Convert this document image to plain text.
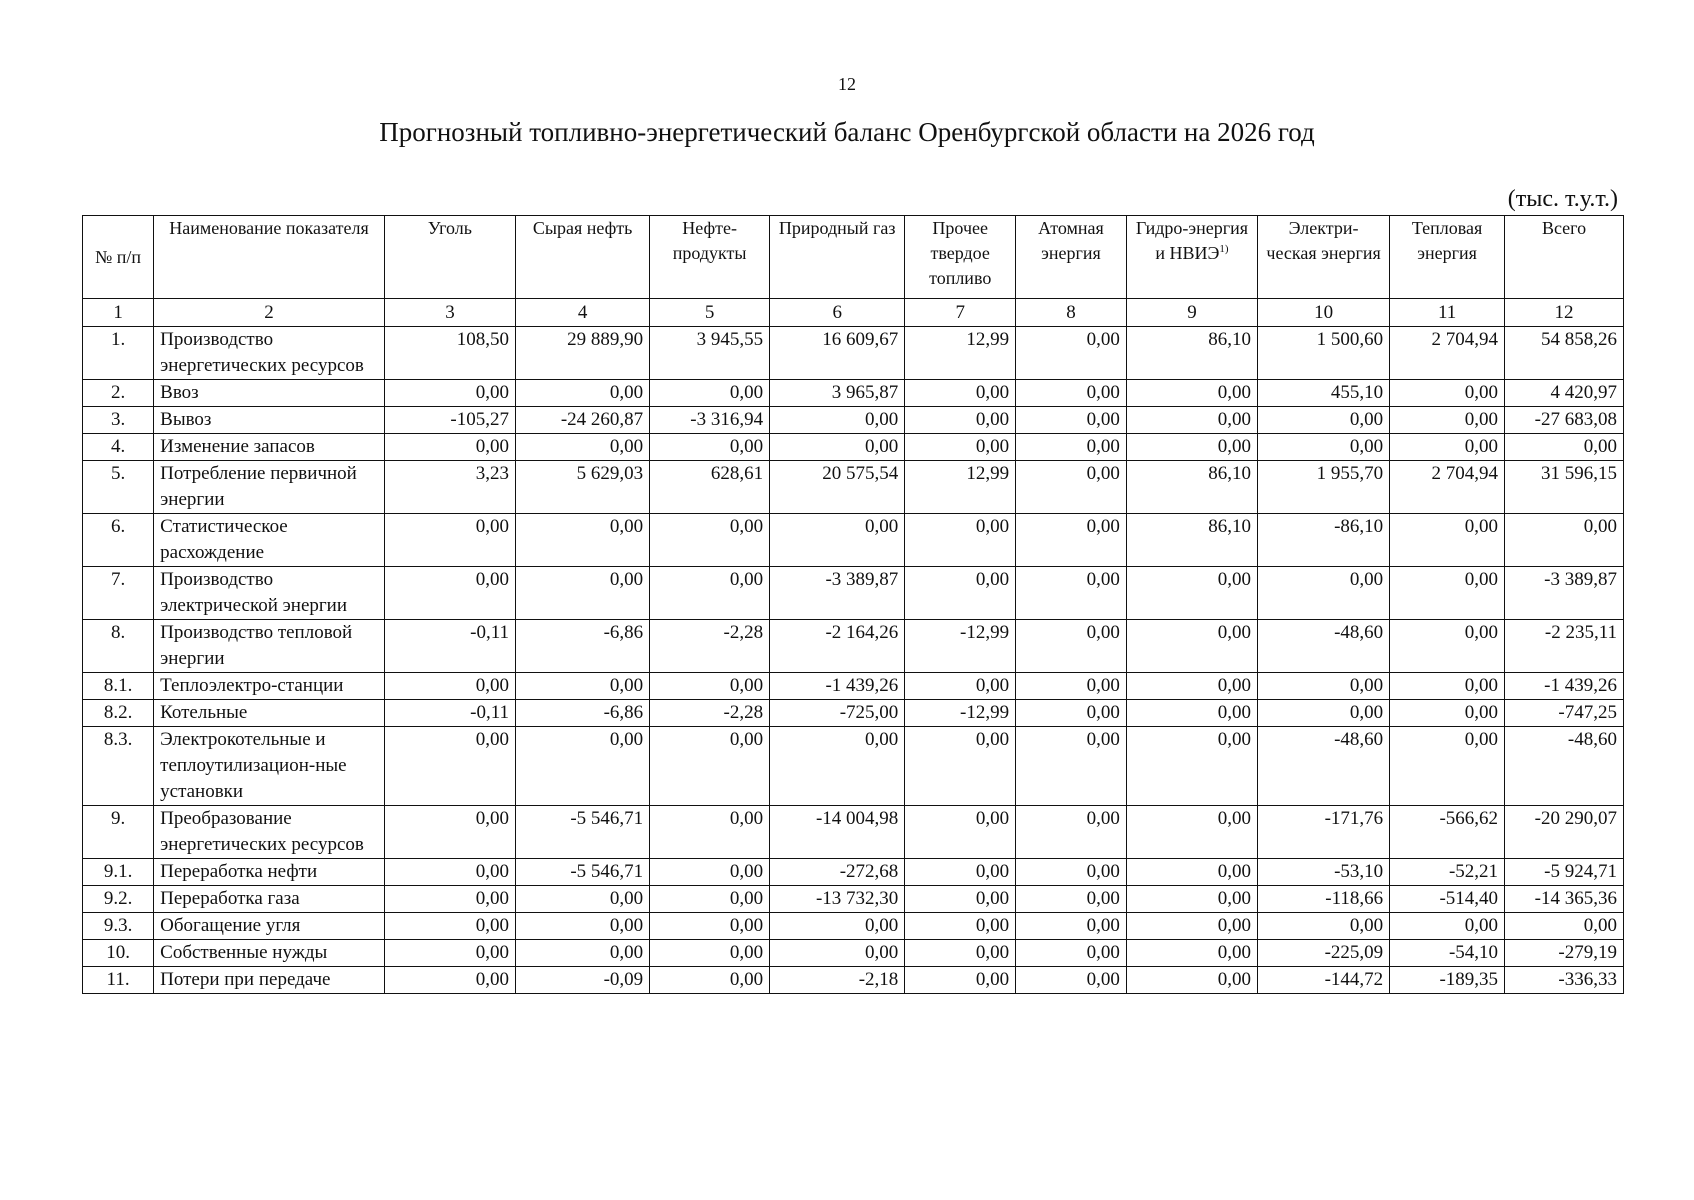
12
Прогнозный топливно-энергетический баланс Оренбургской области на 2026 год
(тыс. т.у.т.)
№ п/п	Наименование показателя	Уголь	Сырая нефть	Нефте-продукты	Природный газ	Прочее твердое топливо	Атомная энергия	Гидро-энергия и НВИЭ$^{1)}$	Электри-ческая энергия	Тепловая энергия	Всего
1	2	3	4	5	6	7	8	9	10	11	12
1.	Производство энергетических ресурсов	108,50	29 889,90	3 945,55	16 609,67	12,99	0,00	86,10	1 500,60	2 704,94	54 858,26
2.	Ввоз	0,00	0,00	0,00	3 965,87	0,00	0,00	0,00	455,10	0,00	4 420,97
3.	Вывоз	-105,27	-24 260,87	-3 316,94	0,00	0,00	0,00	0,00	0,00	0,00	-27 683,08
4.	Изменение запасов	0,00	0,00	0,00	0,00	0,00	0,00	0,00	0,00	0,00	0,00
5.	Потребление первичной энергии	3,23	5 629,03	628,61	20 575,54	12,99	0,00	86,10	1 955,70	2 704,94	31 596,15
6.	Статистическое расхождение	0,00	0,00	0,00	0,00	0,00	0,00	86,10	-86,10	0,00	0,00
7.	Производство электрической энергии	0,00	0,00	0,00	-3 389,87	0,00	0,00	0,00	0,00	0,00	-3 389,87
8.	Производство тепловой энергии	-0,11	-6,86	-2,28	-2 164,26	-12,99	0,00	0,00	-48,60	0,00	-2 235,11
8.1.	Теплоэлектро-станции	0,00	0,00	0,00	-1 439,26	0,00	0,00	0,00	0,00	0,00	-1 439,26
8.2.	Котельные	-0,11	-6,86	-2,28	-725,00	-12,99	0,00	0,00	0,00	0,00	-747,25
8.3.	Электрокотельные и теплоутилизацион-ные установки	0,00	0,00	0,00	0,00	0,00	0,00	0,00	-48,60	0,00	-48,60
9.	Преобразование энергетических ресурсов	0,00	-5 546,71	0,00	-14 004,98	0,00	0,00	0,00	-171,76	-566,62	-20 290,07
9.1.	Переработка нефти	0,00	-5 546,71	0,00	-272,68	0,00	0,00	0,00	-53,10	-52,21	-5 924,71
9.2.	Переработка газа	0,00	0,00	0,00	-13 732,30	0,00	0,00	0,00	-118,66	-514,40	-14 365,36
9.3.	Обогащение угля	0,00	0,00	0,00	0,00	0,00	0,00	0,00	0,00	0,00	0,00
10.	Собственные нужды	0,00	0,00	0,00	0,00	0,00	0,00	0,00	-225,09	-54,10	-279,19
11.	Потери при передаче	0,00	-0,09	0,00	-2,18	0,00	0,00	0,00	-144,72	-189,35	-336,33
